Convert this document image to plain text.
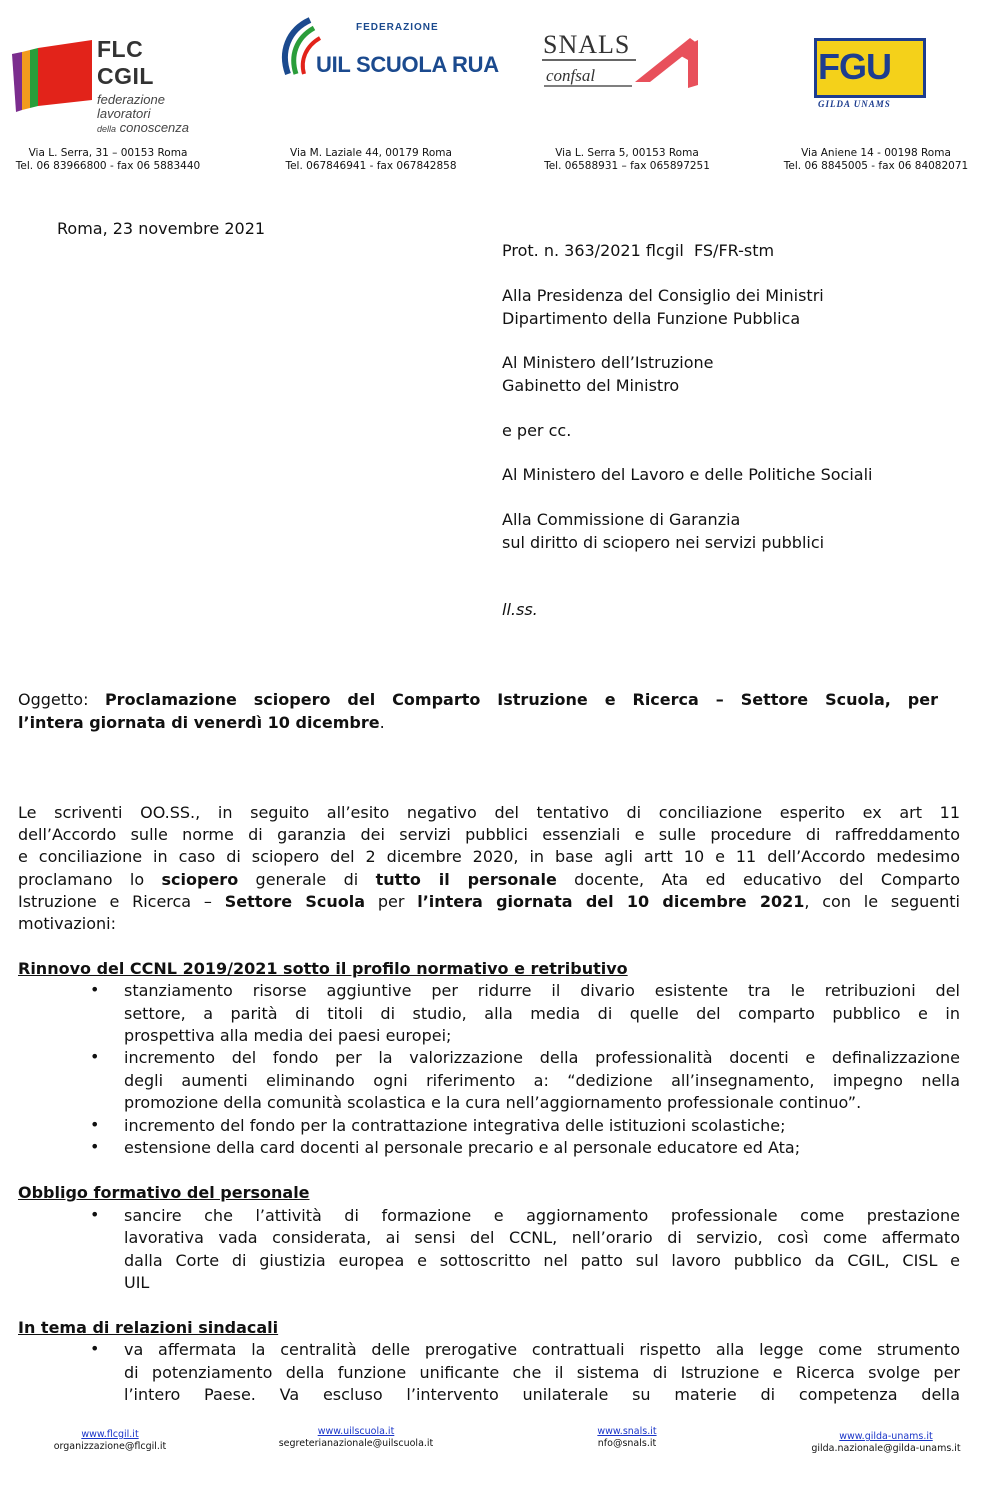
FLC CGIL
federazione
lavoratori
della conoscenza
FEDERAZIONE
UIL SCUOLA RUA
SNALS
confsal	FGU
GILDA UNAMS
Via L. Serra, 31 – 00153 Roma
Tel. 06 83966800 - fax 06 5883440
Via M. Laziale 44, 00179 Roma
Tel. 067846941 - fax 067842858
Via L. Serra 5, 00153 Roma
Tel. 06588931 – fax 065897251
Via Aniene 14 - 00198 Roma
Tel. 06 8845005 - fax 06 84082071
Roma, 23 novembre 2021
Prot. n. 363/2021 flcgil  FS/FR-stm
Alla Presidenza del Consiglio dei Ministri
Dipartimento della Funzione Pubblica
Al Ministero dell’Istruzione
Gabinetto del Ministro
e per cc.
Al Ministero del Lavoro e delle Politiche Sociali
Alla Commissione di Garanzia
sul diritto di sciopero nei servizi pubblici
ll.ss.
Oggetto: Proclamazione sciopero del Comparto Istruzione e Ricerca – Settore Scuola, per
l’intera giornata di venerdì 10 dicembre.
Le scriventi OO.SS., in seguito all’esito negativo del tentativo di conciliazione esperito ex art 11
dell’Accordo sulle norme di garanzia dei servizi pubblici essenziali e sulle procedure di raffreddamento
e conciliazione in caso di sciopero del 2 dicembre 2020, in base agli artt 10 e 11 dell’Accordo medesimo
proclamano lo sciopero generale di tutto il personale docente, Ata ed educativo del Comparto
Istruzione e Ricerca – Settore Scuola per l’intera giornata del 10 dicembre 2021, con le seguenti
motivazioni:
Rinnovo del CCNL 2019/2021 sotto il profilo normativo e retributivo
• stanziamento risorse aggiuntive per ridurre il divario esistente tra le retribuzioni del
settore, a parità di titoli di studio, alla media di quelle del comparto pubblico e in
prospettiva alla media dei paesi europei;
• incremento del fondo per la valorizzazione della professionalità docenti e definalizzazione
degli aumenti eliminando ogni riferimento a: “dedizione all’insegnamento, impegno nella
promozione della comunità scolastica e la cura nell’aggiornamento professionale continuo”.
• incremento del fondo per la contrattazione integrativa delle istituzioni scolastiche;
• estensione della card docenti al personale precario e al personale educatore ed Ata;
Obbligo formativo del personale
• sancire che l’attività di formazione e aggiornamento professionale come prestazione
lavorativa vada considerata, ai sensi del CCNL, nell’orario di servizio, così come affermato
dalla Corte di giustizia europea e sottoscritto nel patto sul lavoro pubblico da CGIL, CISL e
UIL
In tema di relazioni sindacali
• va affermata la centralità delle prerogative contrattuali rispetto alla legge come strumento
di potenziamento della funzione unificante che il sistema di Istruzione e Ricerca svolge per
l’intero Paese. Va escluso l’intervento unilaterale su materie di competenza della
www.flcgil.it
organizzazione@flcgil.it
www.uilscuola.it
segreterianazionale@uilscuola.it
www.snals.it
nfo@snals.it
www.gilda-unams.it
gilda.nazionale@gilda-unams.it
